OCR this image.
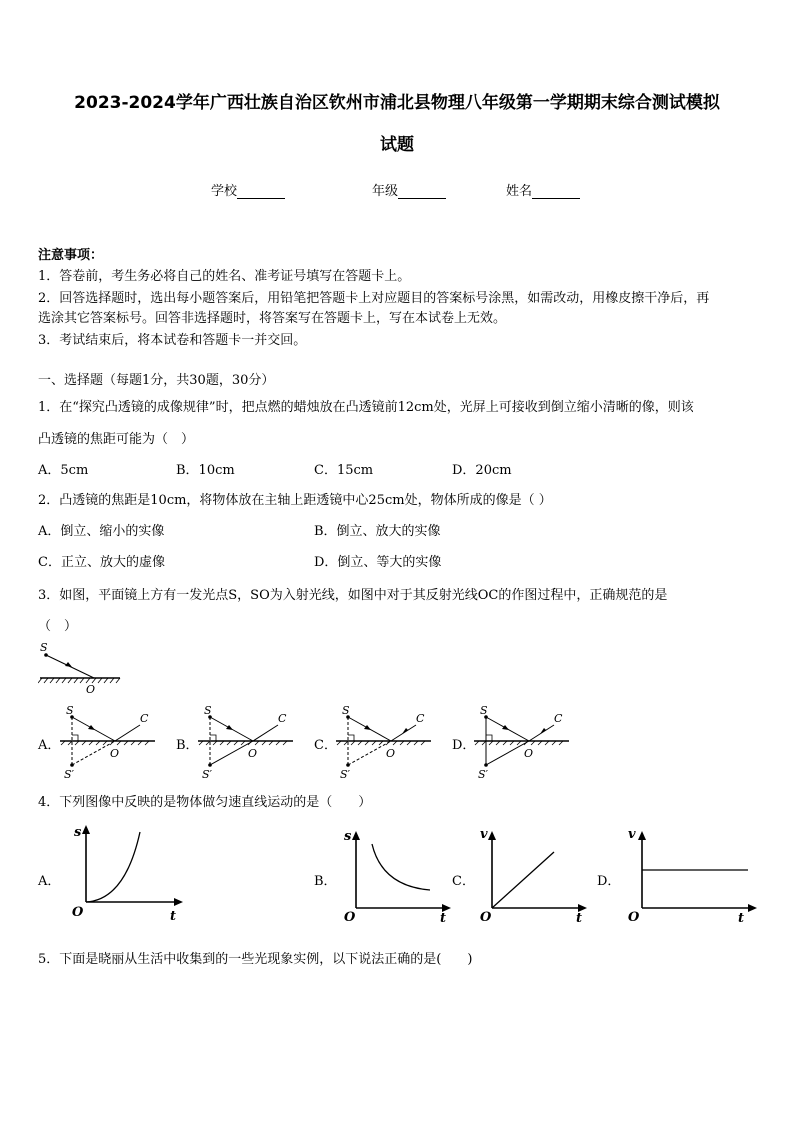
2023-2024学年广西壮族自治区钦州市浦北县物理八年级第一学期期末综合测试模拟
试题
学校	年级	姓名
注意事项：
1．答卷前，考生务必将自己的姓名、准考证号填写在答题卡上。
2．回答选择题时，选出每小题答案后，用铅笔把答题卡上对应题目的答案标号涂黑，如需改动，用橡皮擦干净后，再
选涂其它答案标号。回答非选择题时，将答案写在答题卡上，写在本试卷上无效。
3．考试结束后，将本试卷和答题卡一并交回。
一、选择题（每题1分，共30题，30分）
1．在“探究凸透镜的成像规律”时，把点燃的蜡烛放在凸透镜前12cm处，光屏上可接收到倒立缩小清晰的像，则该
凸透镜的焦距可能为（　）
A．5cm	B．10cm	C．15cm	D．20cm
2．凸透镜的焦距是10cm，将物体放在主轴上距透镜中心25cm处，物体所成的像是（ ）
A．倒立、缩小的实像	B．倒立、放大的实像
C．正立、放大的虚像	D．倒立、等大的实像
3．如图，平面镜上方有一发光点S，SO为入射光线，如图中对于其反射光线OC的作图过程中，正确规范的是
（　）
S
O
A．	B．	C．	D．
S
C
O
S′
S
C
O
S′
S
C
O
S′
S
C
O
S′
4．下列图像中反映的是物体做匀速直线运动的是（　　）
A．	B．	C．	D．
s
t
O
s
t
O
v
t
O
v
t
O
5．下面是晓丽从生活中收集到的一些光现象实例，以下说法正确的是(　　)
